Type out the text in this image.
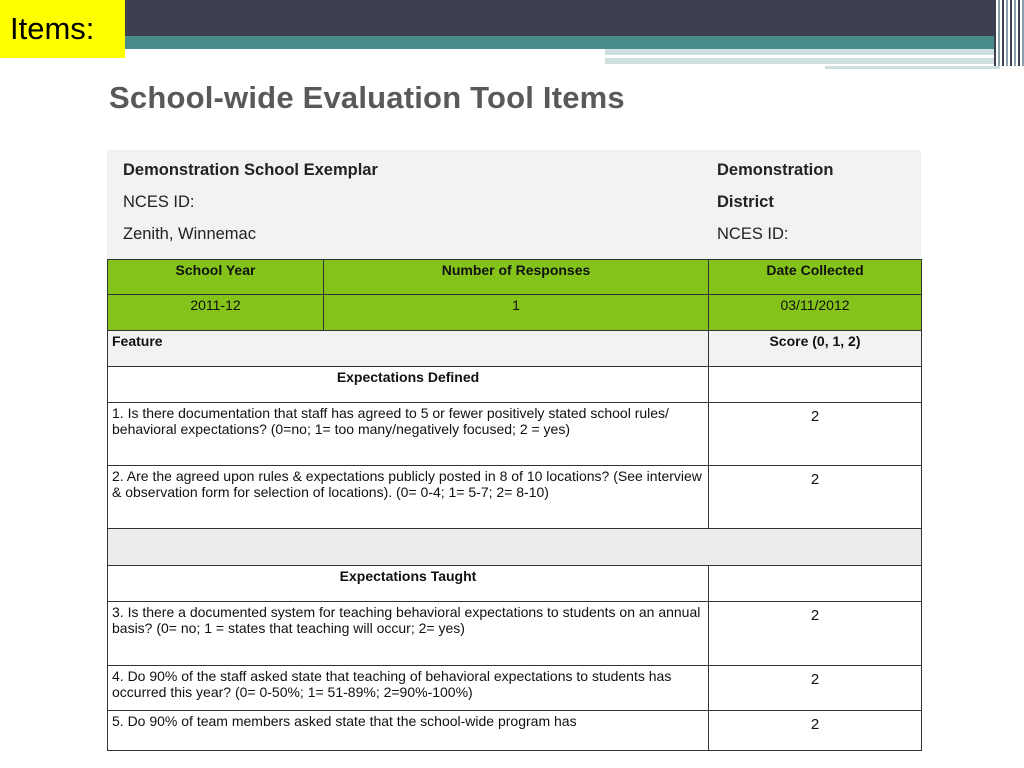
Items:
School-wide Evaluation Tool Items
Demonstration School Exemplar
NCES ID:
Zenith, Winnemac
Demonstration
District
NCES ID:
School Year	Number of Responses	Date Collected
2011-12	1	03/11/2012
Feature		Score (0, 1, 2)
Expectations Defined		
1. Is there documentation that staff has agreed to 5 or fewer positively stated school rules/ behavioral expectations? (0=no; 1= too many/negatively focused; 2 = yes)		2
2. Are the agreed upon rules & expectations publicly posted in 8 of 10 locations? (See interview & observation form for selection of locations). (0= 0-4; 1= 5-7; 2= 8-10)		2

Expectations Taught		
3. Is there a documented system for teaching behavioral expectations to students on an annual basis? (0= no; 1 = states that teaching will occur; 2= yes)		2
4. Do 90% of the staff asked state that teaching of behavioral expectations to students has occurred this year? (0= 0-50%; 1= 51-89%; 2=90%-100%)		2
5. Do 90% of team members asked state that the school-wide program has		2
